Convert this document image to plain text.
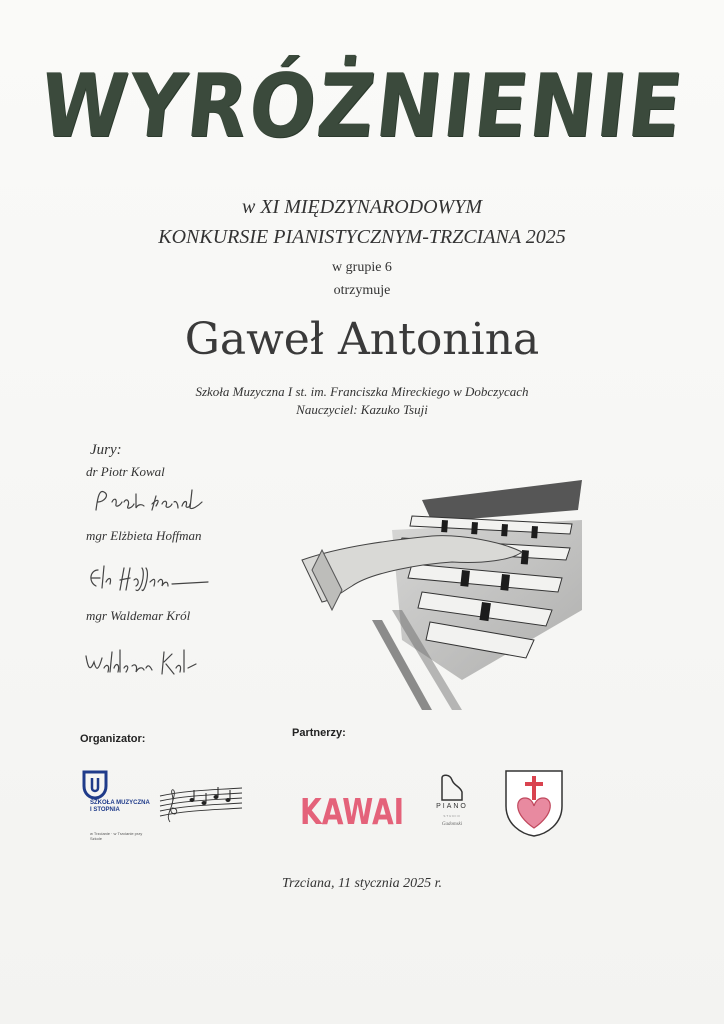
WYRÓŻNIENIE
w XI MIĘDZYNARODOWYM
KONKURSIE PIANISTYCZNYM-TRZCIANA 2025
w grupie 6
otrzymuje
Gaweł Antonina
Szkoła Muzyczna I st. im. Franciszka Mireckiego w Dobczycach
Nauczyciel: Kazuko Tsuji
Jury:
dr Piotr Kowal
mgr Elżbieta Hoffman
mgr Waldemar Król
Organizator:	Partnerzy:
SZKOŁA MUZYCZNA I STOPNIA
w Trzcianie · w Trzcianie przy Szkole
KAWAI	PIANO
STUDIO
Gadomski
Trzciana, 11 stycznia 2025 r.
